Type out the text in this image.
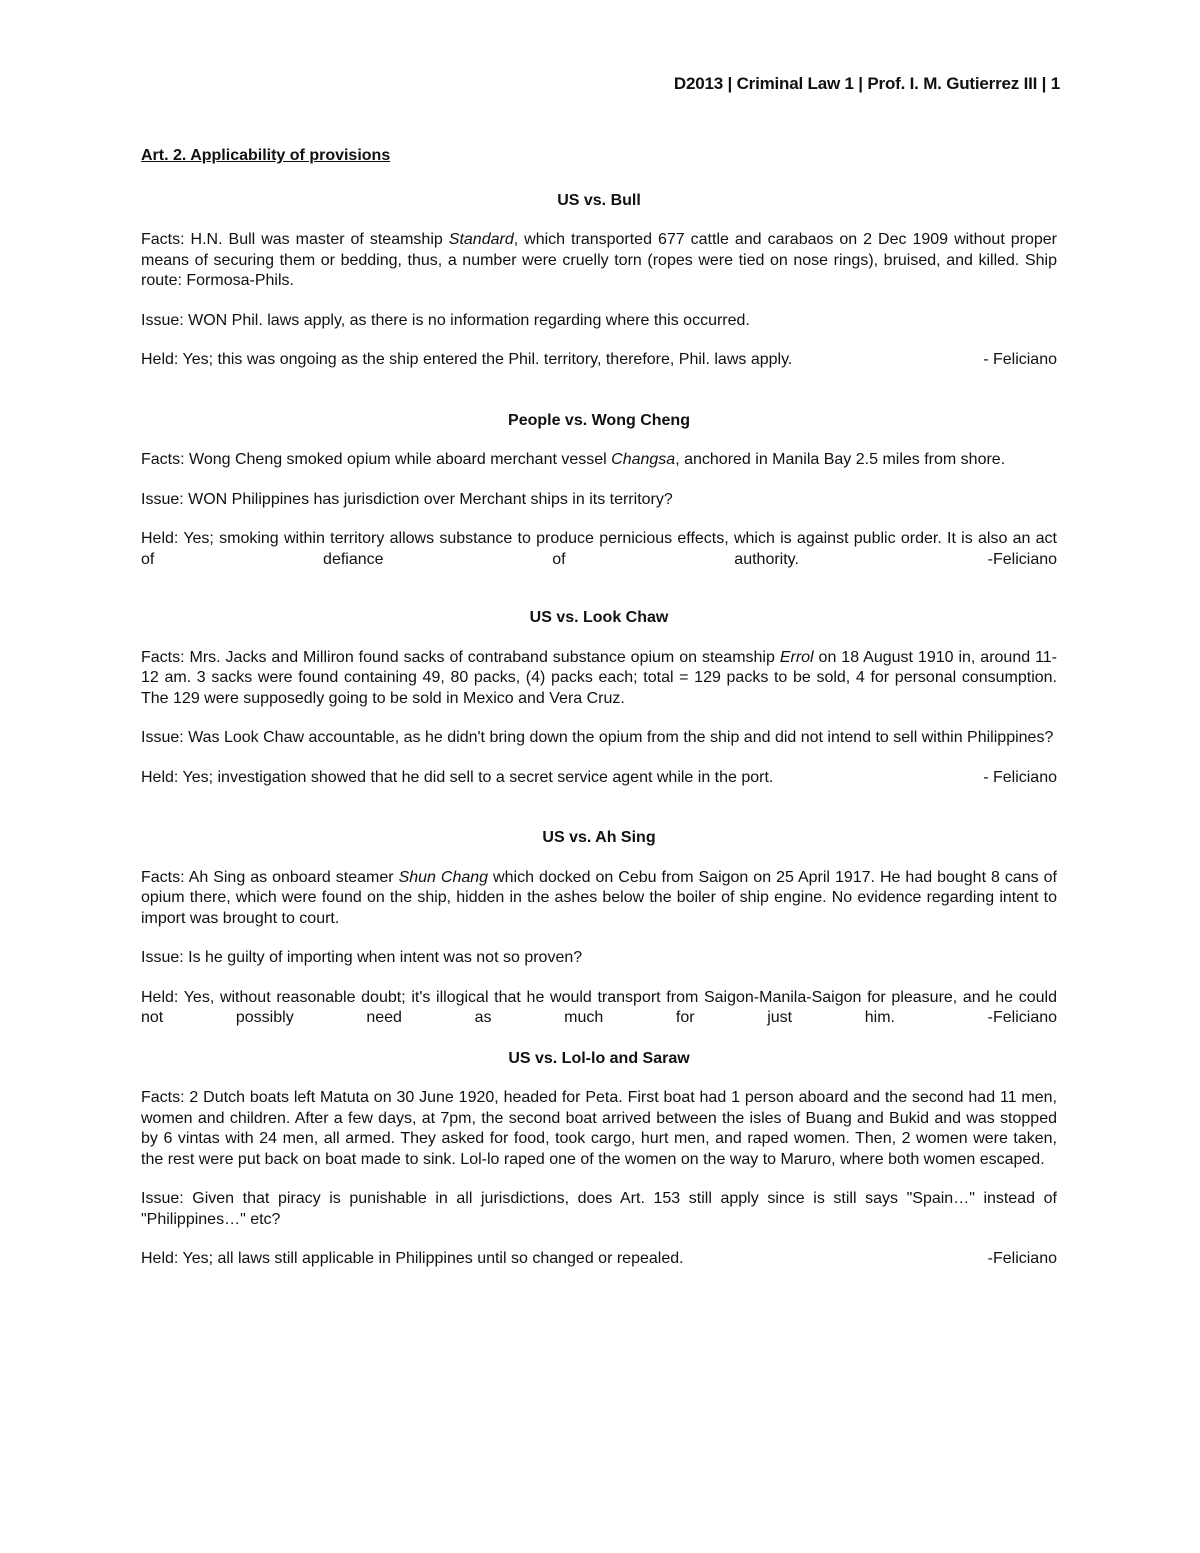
D2013 | Criminal Law 1 | Prof. I. M. Gutierrez III | 1
Art. 2. Applicability of provisions
US vs. Bull

Facts: H.N. Bull was master of steamship Standard, which transported 677 cattle and carabaos on 2 Dec 1909 without proper means of securing them or bedding, thus, a number were cruelly torn (ropes were tied on nose rings), bruised, and killed. Ship route: Formosa-Phils.

Issue: WON Phil. laws apply, as there is no information regarding where this occurred.

Held: Yes; this was ongoing as the ship entered the Phil. territory, therefore, Phil. laws apply.	- Feliciano
People vs. Wong Cheng

Facts: Wong Cheng smoked opium while aboard merchant vessel Changsa, anchored in Manila Bay 2.5 miles from shore.

Issue: WON Philippines has jurisdiction over Merchant ships in its territory?

Held: Yes; smoking within territory allows substance to produce pernicious effects, which is against public order. It is also an act of defiance of authority.	-Feliciano

US vs. Look Chaw

Facts: Mrs. Jacks and Milliron found sacks of contraband substance opium on steamship Errol on 18 August 1910 in, around 11-12 am. 3 sacks were found containing 49, 80 packs, (4) packs each; total = 129 packs to be sold, 4 for personal consumption. The 129 were supposedly going to be sold in Mexico and Vera Cruz.

Issue: Was Look Chaw accountable, as he didn't bring down the opium from the ship and did not intend to sell within Philippines?

Held: Yes; investigation showed that he did sell to a secret service agent while in the port.	- Feliciano
US vs. Ah Sing

Facts: Ah Sing as onboard steamer Shun Chang which docked on Cebu from Saigon on 25 April 1917. He had bought 8 cans of opium there, which were found on the ship, hidden in the ashes below the boiler of ship engine. No evidence regarding intent to import was brought to court.

Issue: Is he guilty of importing when intent was not so proven?

Held: Yes, without reasonable doubt; it's illogical that he would transport from Saigon-Manila-Saigon for pleasure, and he could not possibly need as much for just him.	-Feliciano

US vs. Lol-lo and Saraw

Facts: 2 Dutch boats left Matuta on 30 June 1920, headed for Peta. First boat had 1 person aboard and the second had 11 men, women and children. After a few days, at 7pm, the second boat arrived between the isles of Buang and Bukid and was stopped by 6 vintas with 24 men, all armed. They asked for food, took cargo, hurt men, and raped women. Then, 2 women were taken, the rest were put back on boat made to sink. Lol-lo raped one of the women on the way to Maruro, where both women escaped.

Issue: Given that piracy is punishable in all jurisdictions, does Art. 153 still apply since is still says "Spain…" instead of "Philippines…" etc?

Held: Yes; all laws still applicable in Philippines until so changed or repealed.	-Feliciano
